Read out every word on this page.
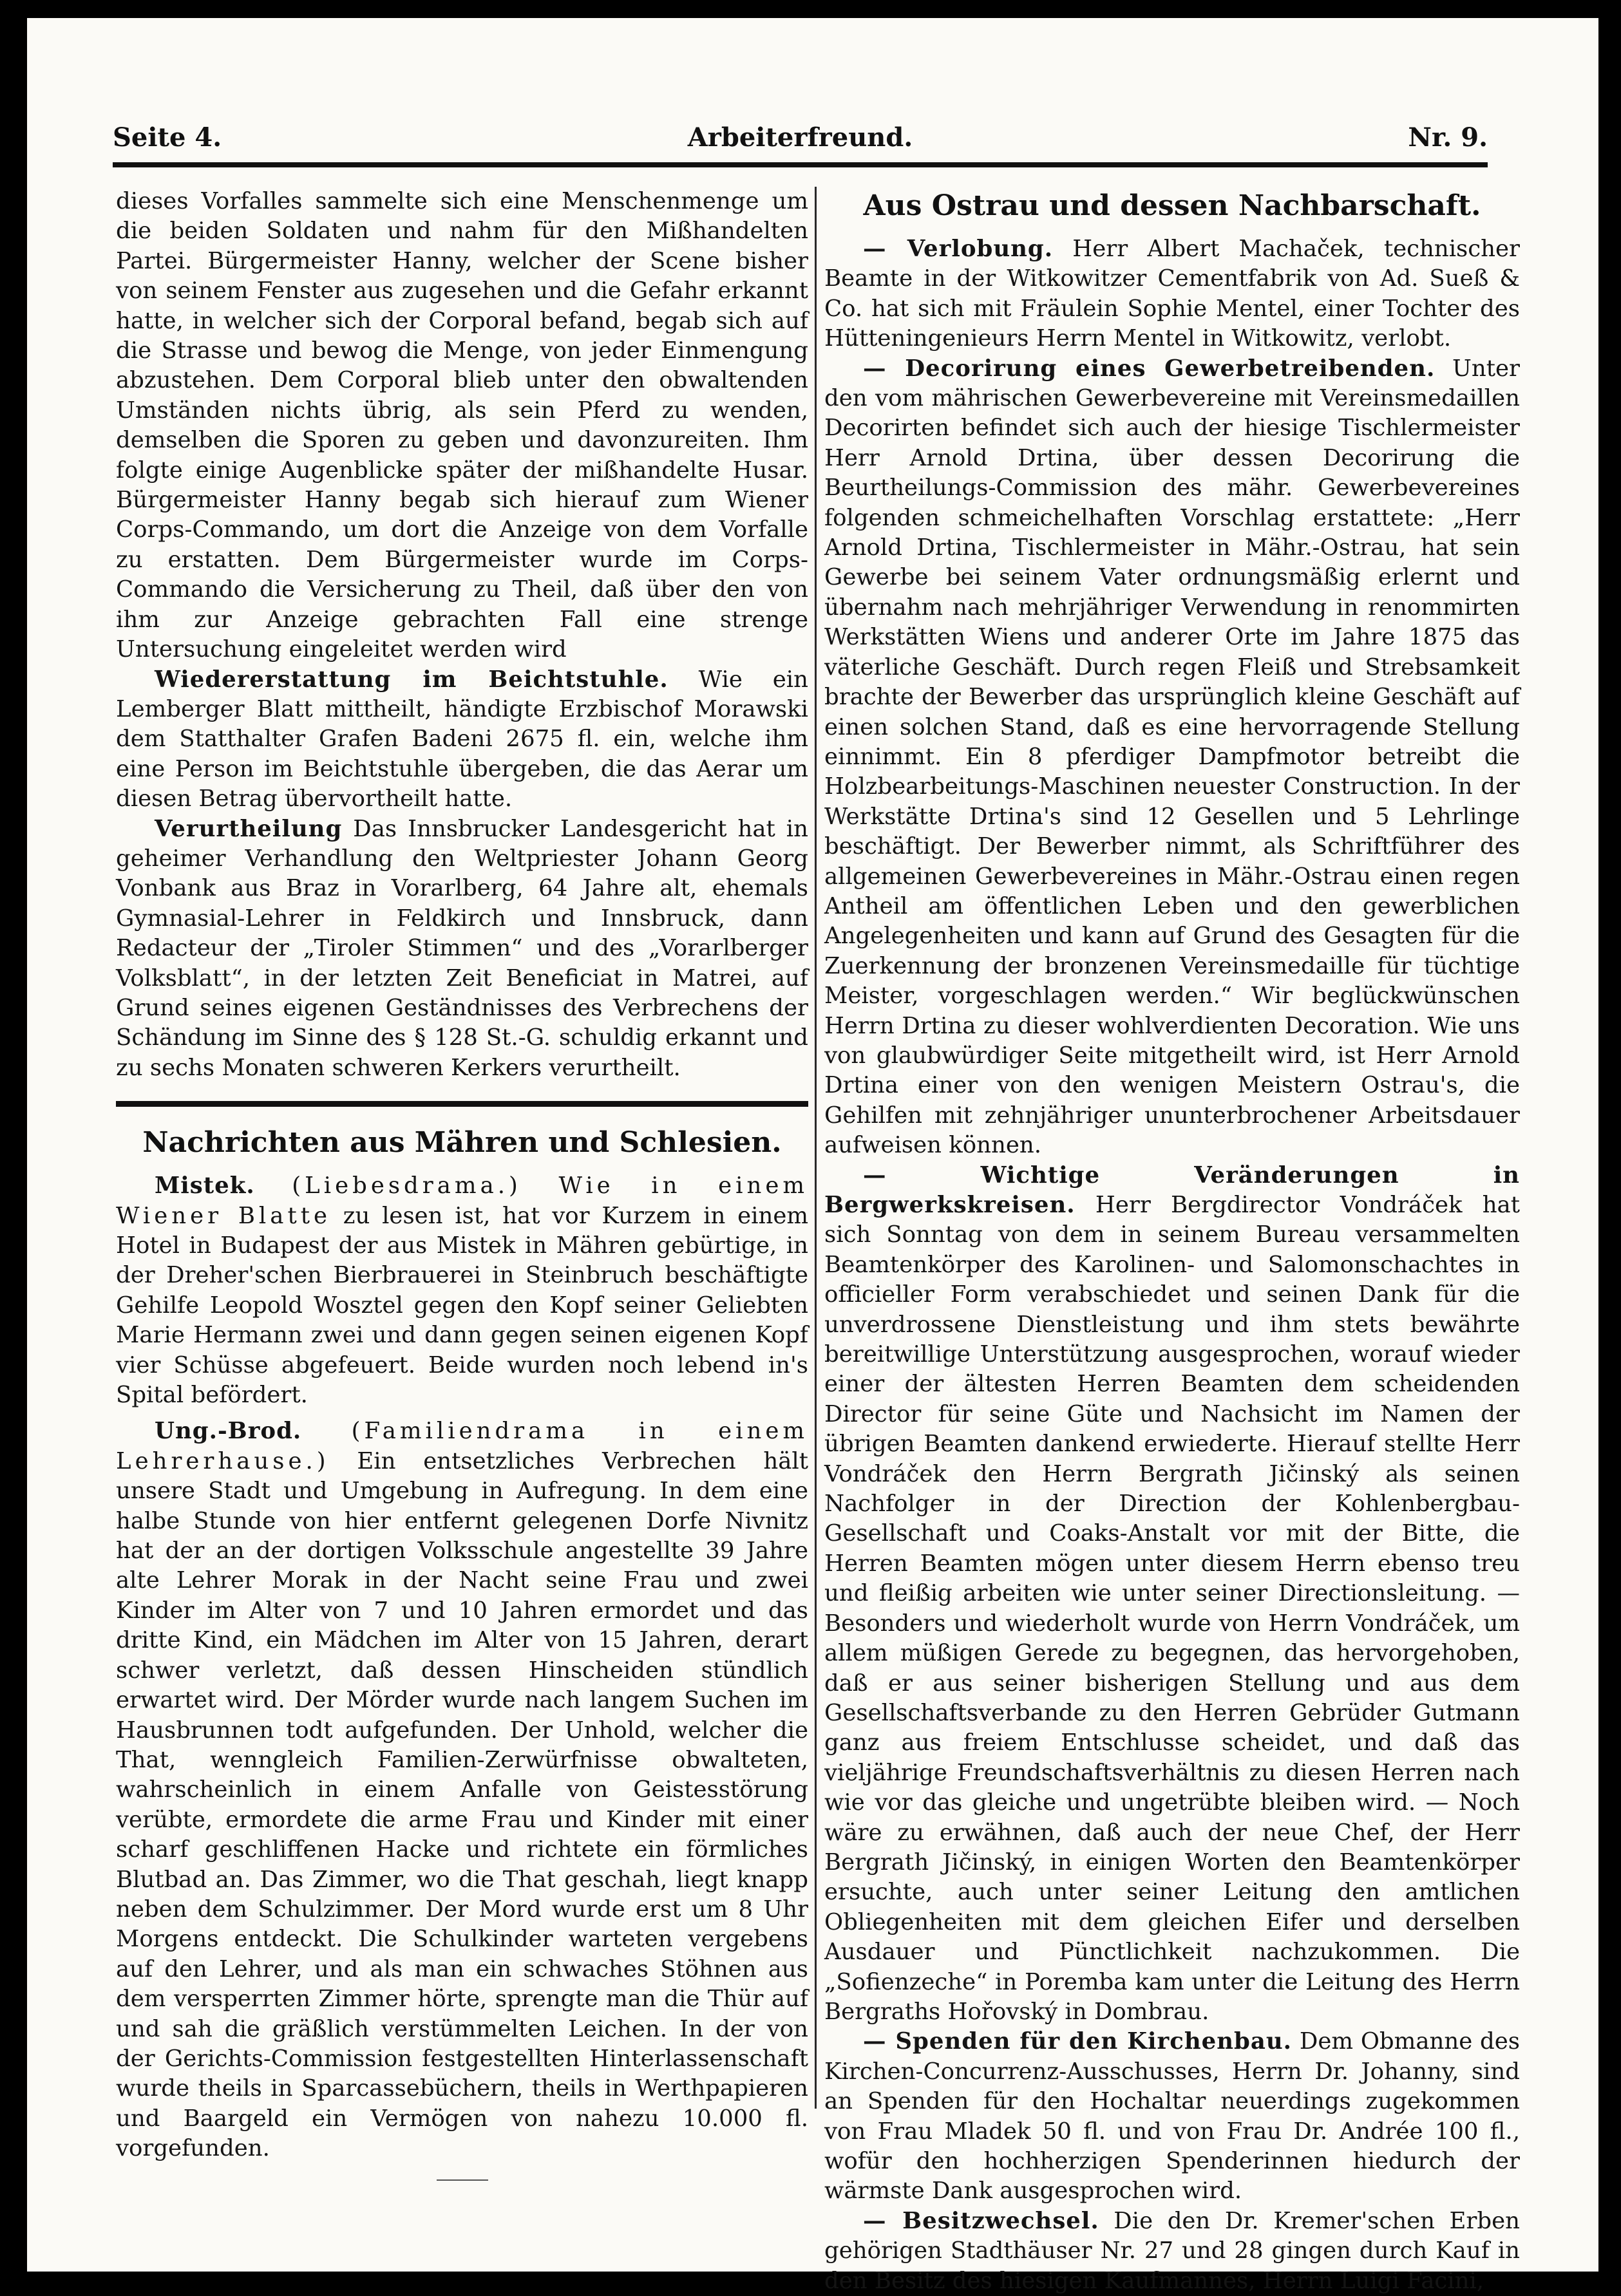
Seite 4.	Arbeiterfreund.	Nr. 9.

dieses Vorfalles sammelte sich eine Menschenmenge um die beiden Soldaten und nahm für den Mißhandelten Partei. Bürgermeister Hanny, welcher der Scene bisher von seinem Fenster aus zugesehen und die Gefahr erkannt hatte, in welcher sich der Corporal befand, begab sich auf die Strasse und bewog die Menge, von jeder Einmengung abzustehen. Dem Corporal blieb unter den obwaltenden Umständen nichts übrig, als sein Pferd zu wenden, demselben die Sporen zu geben und davonzureiten. Ihm folgte einige Augenblicke später der mißhandelte Husar. Bürgermeister Hanny begab sich hierauf zum Wiener Corps-Commando, um dort die Anzeige von dem Vorfalle zu erstatten. Dem Bürgermeister wurde im Corps-Commando die Versicherung zu Theil, daß über den von ihm zur Anzeige gebrachten Fall eine strenge Untersuchung eingeleitet werden wird

Wiedererstattung im Beichtstuhle. Wie ein Lemberger Blatt mittheilt, händigte Erzbischof Morawski dem Statthalter Grafen Badeni 2675 fl. ein, welche ihm eine Person im Beichtstuhle übergeben, die das Aerar um diesen Betrag übervortheilt hatte.

Verurtheilung Das Innsbrucker Landesgericht hat in geheimer Verhandlung den Weltpriester Johann Georg Vonbank aus Braz in Vorarlberg, 64 Jahre alt, ehemals Gymnasial-Lehrer in Feldkirch und Innsbruck, dann Redacteur der „Tiroler Stimmen“ und des „Vorarlberger Volksblatt“, in der letzten Zeit Beneficiat in Matrei, auf Grund seines eigenen Geständnisses des Verbrechens der Schändung im Sinne des § 128 St.-G. schuldig erkannt und zu sechs Monaten schweren Kerkers verurtheilt.

Nachrichten aus Mähren und Schlesien.

Mistek. (Liebesdrama.) Wie in einem Wiener Blatte zu lesen ist, hat vor Kurzem in einem Hotel in Budapest der aus Mistek in Mähren gebürtige, in der Dreher'schen Bierbrauerei in Steinbruch beschäftigte Gehilfe Leopold Wosztel gegen den Kopf seiner Geliebten Marie Hermann zwei und dann gegen seinen eigenen Kopf vier Schüsse abgefeuert. Beide wurden noch lebend in's Spital befördert.

Ung.-Brod. (Familiendrama in einem Lehrerhause.) Ein entsetzliches Verbrechen hält unsere Stadt und Umgebung in Aufregung. In dem eine halbe Stunde von hier entfernt gelegenen Dorfe Nivnitz hat der an der dortigen Volksschule angestellte 39 Jahre alte Lehrer Morak in der Nacht seine Frau und zwei Kinder im Alter von 7 und 10 Jahren ermordet und das dritte Kind, ein Mädchen im Alter von 15 Jahren, derart schwer verletzt, daß dessen Hinscheiden stündlich erwartet wird. Der Mörder wurde nach langem Suchen im Hausbrunnen todt aufgefunden. Der Unhold, welcher die That, wenngleich Familien-Zerwürfnisse obwalteten, wahrscheinlich in einem Anfalle von Geistesstörung verübte, ermordete die arme Frau und Kinder mit einer scharf geschliffenen Hacke und richtete ein förmliches Blutbad an. Das Zimmer, wo die That geschah, liegt knapp neben dem Schulzimmer. Der Mord wurde erst um 8 Uhr Morgens entdeckt. Die Schulkinder warteten vergebens auf den Lehrer, und als man ein schwaches Stöhnen aus dem versperrten Zimmer hörte, sprengte man die Thür auf und sah die gräßlich verstümmelten Leichen. In der von der Gerichts-Commission festgestellten Hinterlassenschaft wurde theils in Sparcassebüchern, theils in Werthpapieren und Baargeld ein Vermögen von nahezu 10.000 fl. vorgefunden.

Aus Ostrau und dessen Nachbarschaft.

— Verlobung. Herr Albert Machaček, technischer Beamte in der Witkowitzer Cementfabrik von Ad. Sueß & Co. hat sich mit Fräulein Sophie Mentel, einer Tochter des Hütteningenieurs Herrn Mentel in Witkowitz, verlobt.

— Decorirung eines Gewerbetreibenden. Unter den vom mährischen Gewerbevereine mit Vereinsmedaillen Decorirten befindet sich auch der hiesige Tischlermeister Herr Arnold Drtina, über dessen Decorirung die Beurtheilungs-Commission des mähr. Gewerbevereines folgenden schmeichelhaften Vorschlag erstattete: „Herr Arnold Drtina, Tischlermeister in Mähr.-Ostrau, hat sein Gewerbe bei seinem Vater ordnungsmäßig erlernt und übernahm nach mehrjähriger Verwendung in renommirten Werkstätten Wiens und anderer Orte im Jahre 1875 das väterliche Geschäft. Durch regen Fleiß und Strebsamkeit brachte der Bewerber das ursprünglich kleine Geschäft auf einen solchen Stand, daß es eine hervorragende Stellung einnimmt. Ein 8 pferdiger Dampfmotor betreibt die Holzbearbeitungs-Maschinen neuester Construction. In der Werkstätte Drtina's sind 12 Gesellen und 5 Lehrlinge beschäftigt. Der Bewerber nimmt, als Schriftführer des allgemeinen Gewerbevereines in Mähr.-Ostrau einen regen Antheil am öffentlichen Leben und den gewerblichen Angelegenheiten und kann auf Grund des Gesagten für die Zuerkennung der bronzenen Vereinsmedaille für tüchtige Meister, vorgeschlagen werden.“ Wir beglückwünschen Herrn Drtina zu dieser wohlverdienten Decoration. Wie uns von glaubwürdiger Seite mitgetheilt wird, ist Herr Arnold Drtina einer von den wenigen Meistern Ostrau's, die Gehilfen mit zehnjähriger ununterbrochener Arbeitsdauer aufweisen können.

— Wichtige Veränderungen in Bergwerkskreisen. Herr Bergdirector Vondráček hat sich Sonntag von dem in seinem Bureau versammelten Beamtenkörper des Karolinen- und Salomonschachtes in officieller Form verabschiedet und seinen Dank für die unverdrossene Dienstleistung und ihm stets bewährte bereitwillige Unterstützung ausgesprochen, worauf wieder einer der ältesten Herren Beamten dem scheidenden Director für seine Güte und Nachsicht im Namen der übrigen Beamten dankend erwiederte. Hierauf stellte Herr Vondráček den Herrn Bergrath Jičinský als seinen Nachfolger in der Direction der Kohlenbergbau-Gesellschaft und Coaks-Anstalt vor mit der Bitte, die Herren Beamten mögen unter diesem Herrn ebenso treu und fleißig arbeiten wie unter seiner Directionsleitung. — Besonders und wiederholt wurde von Herrn Vondráček, um allem müßigen Gerede zu begegnen, das hervorgehoben, daß er aus seiner bisherigen Stellung und aus dem Gesellschaftsverbande zu den Herren Gebrüder Gutmann ganz aus freiem Entschlusse scheidet, und daß das vieljährige Freundschaftsverhältnis zu diesen Herren nach wie vor das gleiche und ungetrübte bleiben wird. — Noch wäre zu erwähnen, daß auch der neue Chef, der Herr Bergrath Jičinský, in einigen Worten den Beamtenkörper ersuchte, auch unter seiner Leitung den amtlichen Obliegenheiten mit dem gleichen Eifer und derselben Ausdauer und Pünctlichkeit nachzukommen. Die „Sofienzeche“ in Poremba kam unter die Leitung des Herrn Bergraths Hořovský in Dombrau.

— Spenden für den Kirchenbau. Dem Obmanne des Kirchen-Concurrenz-Ausschusses, Herrn Dr. Johanny, sind an Spenden für den Hochaltar neuerdings zugekommen von Frau Mladek 50 fl. und von Frau Dr. Andrée 100 fl., wofür den hochherzigen Spenderinnen hiedurch der wärmste Dank ausgesprochen wird.

— Besitzwechsel. Die den Dr. Kremer'schen Erben gehörigen Stadthäuser Nr. 27 und 28 gingen durch Kauf in den Besitz des hiesigen Kaufmannes, Herrn Luigi Facini,
